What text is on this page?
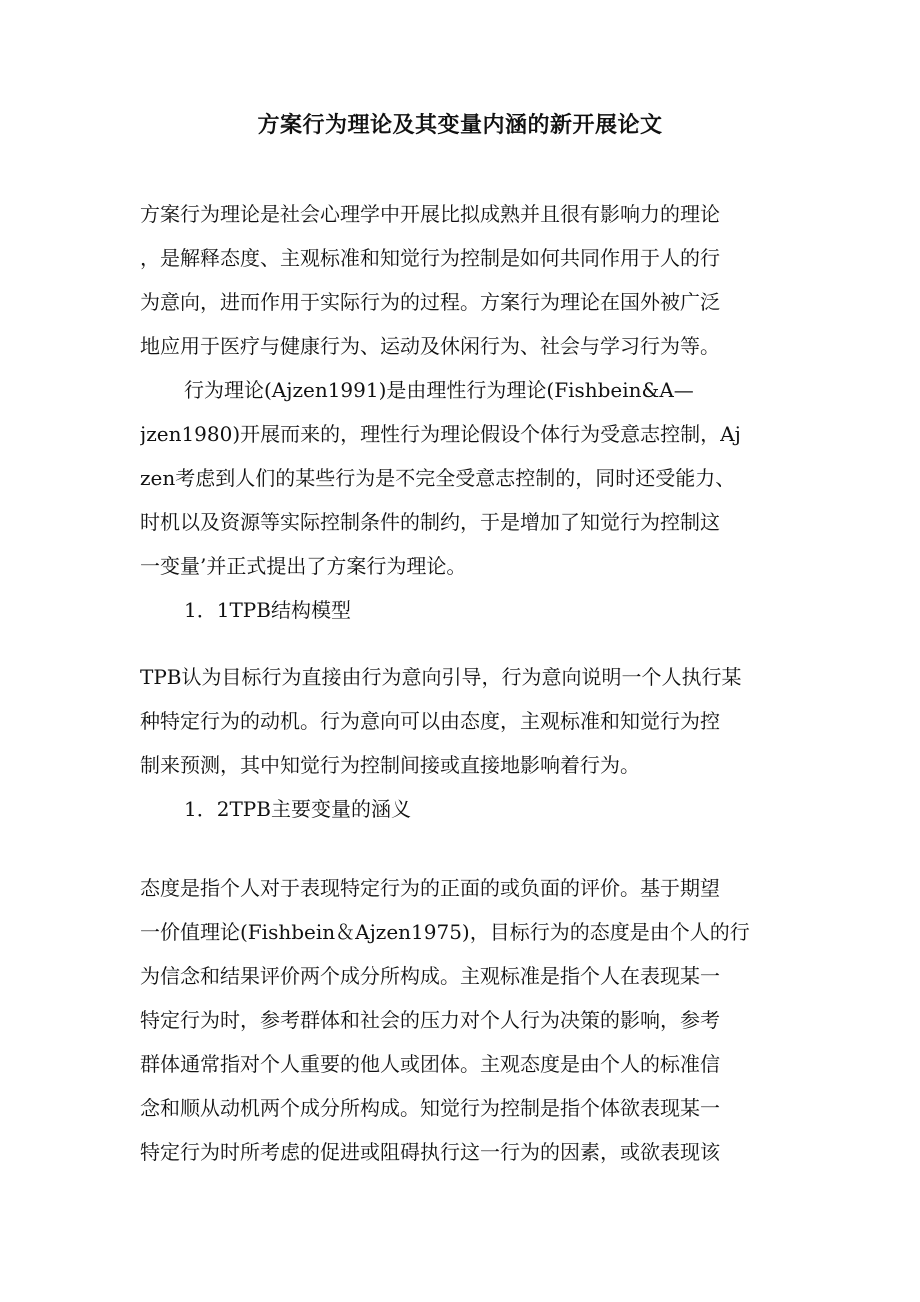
方案行为理论及其变量内涵的新开展论文
方案行为理论是社会心理学中开展比拟成熟并且很有影响力的理论
，是解释态度、主观标准和知觉行为控制是如何共同作用于人的行
为意向，进而作用于实际行为的过程。方案行为理论在国外被广泛
地应用于医疗与健康行为、运动及休闲行为、社会与学习行为等。
行为理论(Ajzen1991)是由理性行为理论(Fishbein&A—
jzen1980)开展而来的，理性行为理论假设个体行为受意志控制，Aj
zen考虑到人们的某些行为是不完全受意志控制的，同时还受能力、
时机以及资源等实际控制条件的制约，于是增加了知觉行为控制这
一变量’并正式提出了方案行为理论。
1．1TPB结构模型
TPB认为目标行为直接由行为意向引导，行为意向说明一个人执行某
种特定行为的动机。行为意向可以由态度，主观标准和知觉行为控
制来预测，其中知觉行为控制间接或直接地影响着行为。
1．2TPB主要变量的涵义
态度是指个人对于表现特定行为的正面的或负面的评价。基于期望
一价值理论(Fishbein＆Ajzen1975)，目标行为的态度是由个人的行
为信念和结果评价两个成分所构成。主观标准是指个人在表现某一
特定行为时，参考群体和社会的压力对个人行为决策的影响，参考
群体通常指对个人重要的他人或团体。主观态度是由个人的标准信
念和顺从动机两个成分所构成。知觉行为控制是指个体欲表现某一
特定行为时所考虑的促进或阻碍执行这一行为的因素，或欲表现该
